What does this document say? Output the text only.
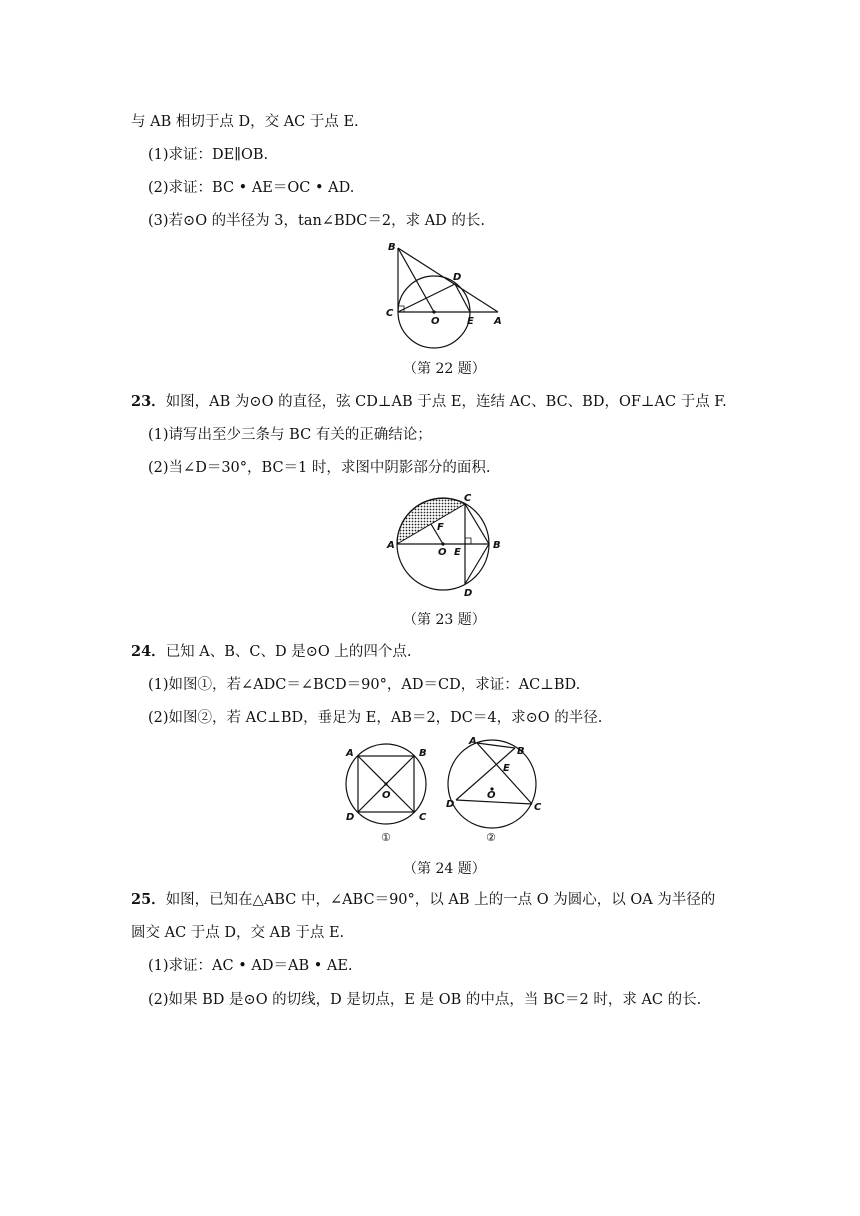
与 AB 相切于点 D，交 AC 于点 E.
(1)求证：DE∥OB.
(2)求证：BC • AE＝OC • AD.
(3)若⊙O 的半径为 3，tan∠BDC＝2，求 AD 的长.
B
C
O
D
E A
（第 22 题）
23．如图，AB 为⊙O 的直径，弦 CD⊥AB 于点 E，连结 AC、BC、BD，OF⊥AC 于点 F.
(1)请写出至少三条与 BC 有关的正确结论；
(2)当∠D＝30°，BC＝1 时，求图中阴影部分的面积.
A	B
C
D
E
F
O
（第 23 题）
24．已知 A、B、C、D 是⊙O 上的四个点.
(1)如图①，若∠ADC＝∠BCD＝90°，AD＝CD，求证：AC⊥BD.
(2)如图②，若 AC⊥BD，垂足为 E，AB＝2，DC＝4，求⊙O 的半径.
A	B
C
D
O
①
A
B
C
D
E
O
②
（第 24 题）
25．如图，已知在△ABC 中，∠ABC＝90°，以 AB 上的一点 O 为圆心，以 OA 为半径的
圆交 AC 于点 D，交 AB 于点 E.
(1)求证：AC • AD＝AB • AE.
(2)如果 BD 是⊙O 的切线，D 是切点，E 是 OB 的中点，当 BC＝2 时，求 AC 的长.
